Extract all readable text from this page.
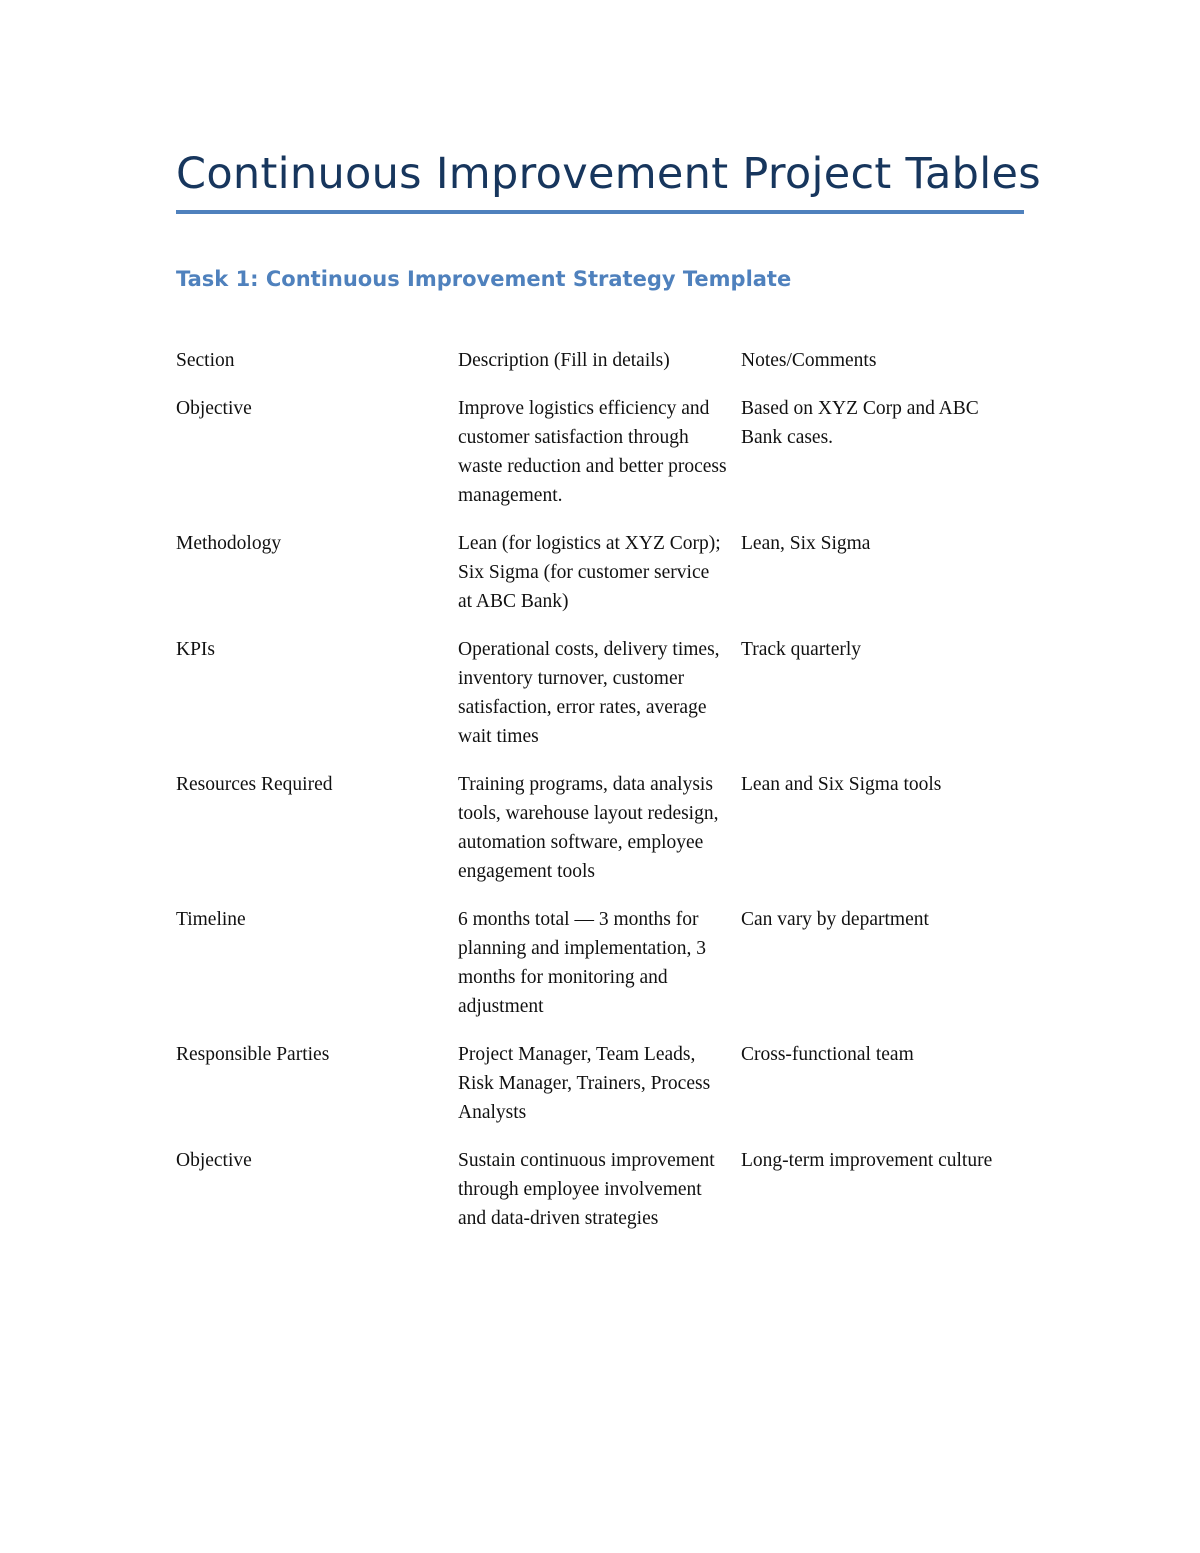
Continuous Improvement Project Tables
Task 1: Continuous Improvement Strategy Template
Section	Description (Fill in details)	Notes/Comments
Objective	Improve logistics efficiency and customer satisfaction through waste reduction and better process management.	Based on XYZ Corp and ABC Bank cases.
Methodology	Lean (for logistics at XYZ Corp); Six Sigma (for customer service at ABC Bank)	Lean, Six Sigma
KPIs	Operational costs, delivery times, inventory turnover, customer satisfaction, error rates, average wait times	Track quarterly
Resources Required	Training programs, data analysis tools, warehouse layout redesign, automation software, employee engagement tools	Lean and Six Sigma tools
Timeline	6 months total — 3 months for planning and implementation, 3 months for monitoring and adjustment	Can vary by department
Responsible Parties	Project Manager, Team Leads, Risk Manager, Trainers, Process Analysts	Cross-functional team
Objective	Sustain continuous improvement through employee involvement and data-driven strategies	Long-term improvement culture
